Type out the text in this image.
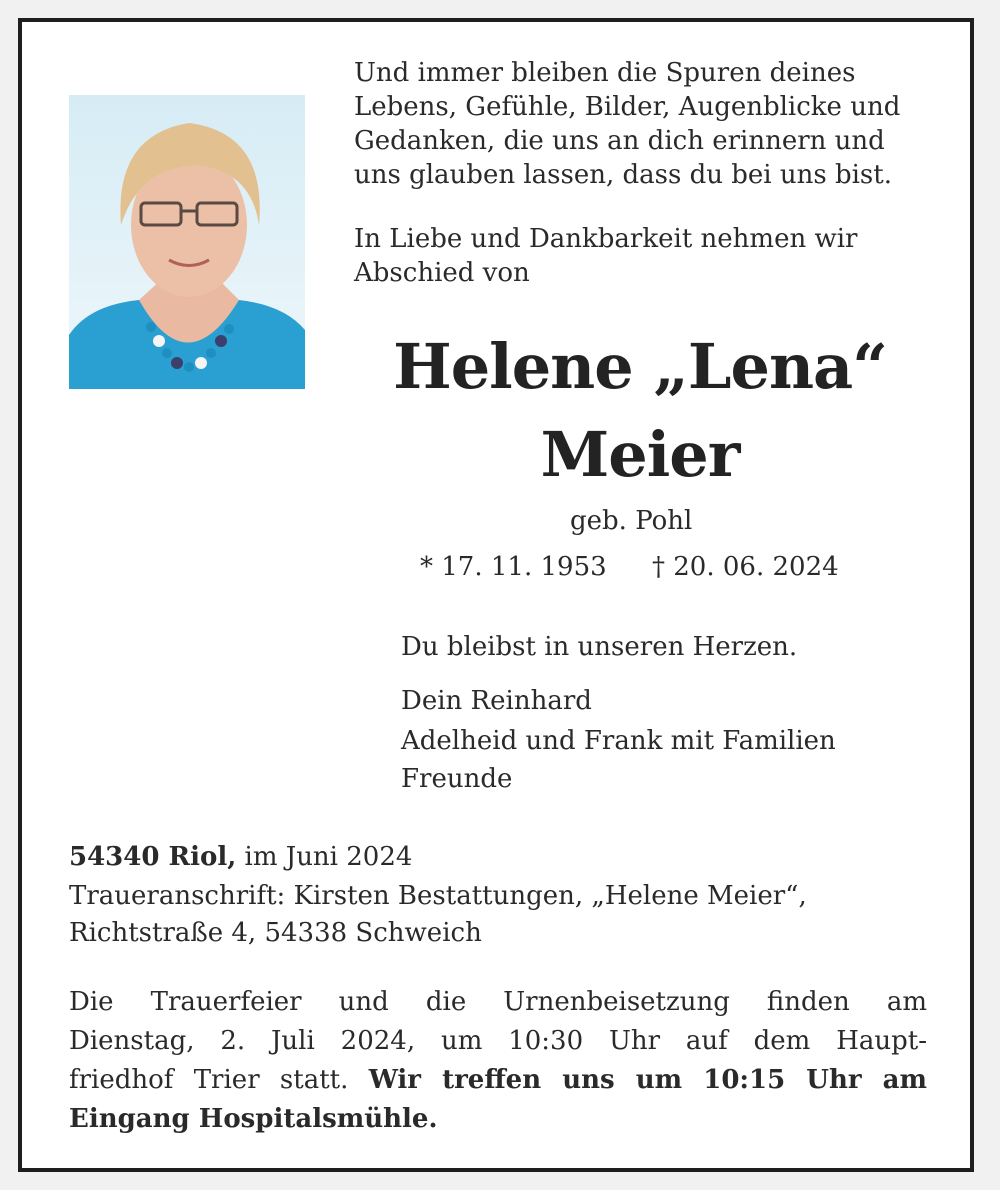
Und immer bleiben die Spuren deines
Lebens, Gefühle, Bilder, Augenblicke und
Gedanken, die uns an dich erinnern und
uns glauben lassen, dass du bei uns bist.
In Liebe und Dankbarkeit nehmen wir
Abschied von
Helene „Lena“
Meier
geb. Pohl
* 17. 11. 1953 † 20. 06. 2024
Du bleibst in unseren Herzen.
Dein Reinhard
Adelheid und Frank mit Familien
Freunde
54340 Riol, im Juni 2024
Traueranschrift: Kirsten Bestattungen, „Helene Meier“,
Richtstraße 4, 54338 Schweich
Die Trauerfeier und die Urnenbeisetzung finden am
Dienstag, 2. Juli 2024, um 10:30 Uhr auf dem Haupt-
friedhof Trier statt. Wir treffen uns um 10:15 Uhr am
Eingang Hospitalsmühle.
